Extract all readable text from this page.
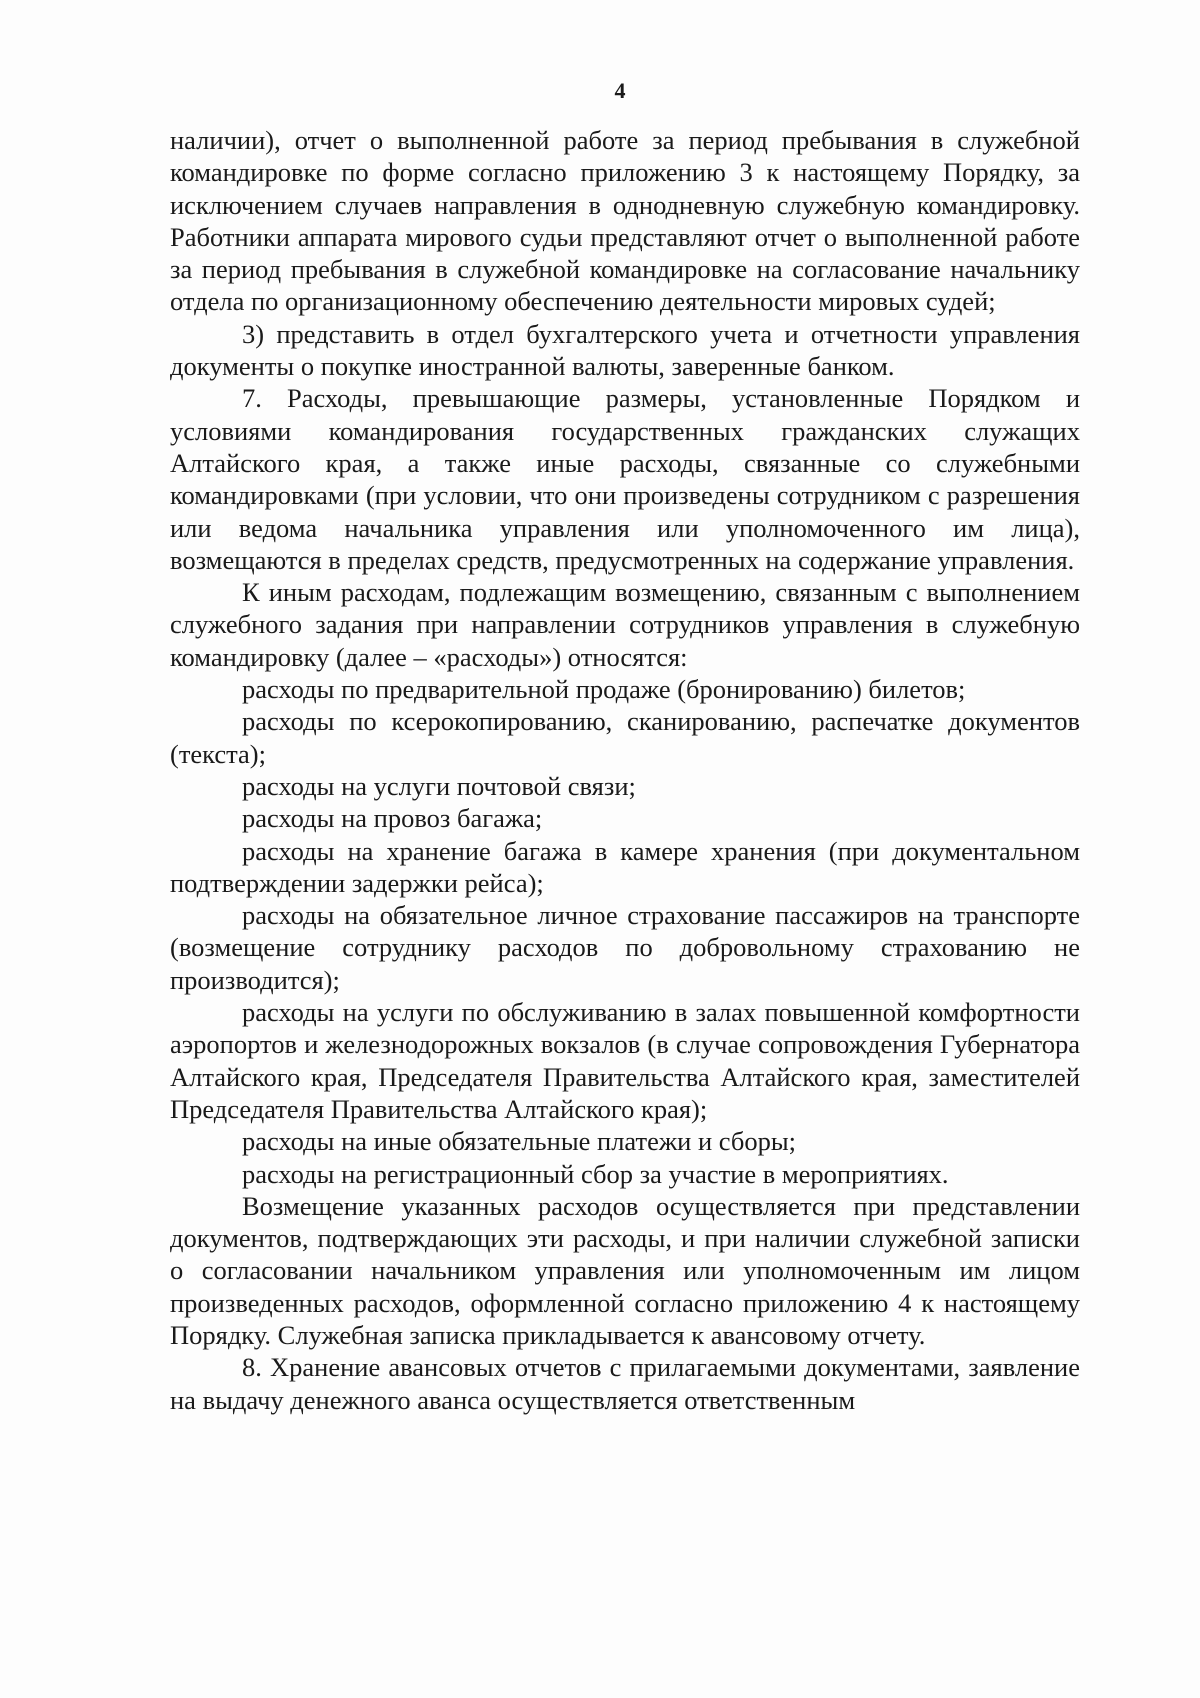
4

наличии), отчет о выполненной работе за период пребывания в служебной командировке по форме согласно приложению 3 к настоящему Порядку, за исключением случаев направления в однодневную служебную командировку. Работники аппарата мирового судьи представляют отчет о выполненной работе за период пребывания в служебной командировке на согласование начальнику отдела по организационному обеспечению деятельности мировых судей;

3) представить в отдел бухгалтерского учета и отчетности управления документы о покупке иностранной валюты, заверенные банком.

7. Расходы, превышающие размеры, установленные Порядком и условиями командирования государственных гражданских служащих Алтайского края, а также иные расходы, связанные со служебными командировками (при условии, что они произведены сотрудником с разрешения или ведома начальника управления или уполномоченного им лица), возмещаются в пределах средств, предусмотренных на содержание управления.

К иным расходам, подлежащим возмещению, связанным с выполнением служебного задания при направлении сотрудников управления в служебную командировку (далее – «расходы») относятся:

расходы по предварительной продаже (бронированию) билетов;

расходы по ксерокопированию, сканированию, распечатке документов (текста);

расходы на услуги почтовой связи;

расходы на провоз багажа;

расходы на хранение багажа в камере хранения (при документальном подтверждении задержки рейса);

расходы на обязательное личное страхование пассажиров на транспорте (возмещение сотруднику расходов по добровольному страхованию не производится);

расходы на услуги по обслуживанию в залах повышенной комфортности аэропортов и железнодорожных вокзалов (в случае сопровождения Губернатора Алтайского края, Председателя Правительства Алтайского края, заместителей Председателя Правительства Алтайского края);

расходы на иные обязательные платежи и сборы;

расходы на регистрационный сбор за участие в мероприятиях.

Возмещение указанных расходов осуществляется при представлении документов, подтверждающих эти расходы, и при наличии служебной записки о согласовании начальником управления или уполномоченным им лицом произведенных расходов, оформленной согласно приложению 4 к настоящему Порядку. Служебная записка прикладывается к авансовому отчету.

8. Хранение авансовых отчетов с прилагаемыми документами, заявление на выдачу денежного аванса осуществляется ответственным
